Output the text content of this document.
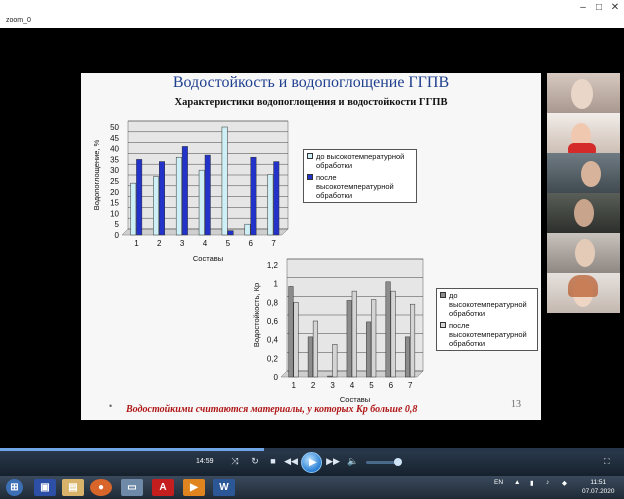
zoom_0
–	□ ✕
Водостойкость и водопоглощение ГГПВ
Характеристики водопоглощения и водостойкости ГГПВ
0
5
10
15
20
25
30
35
40
45
50
1 2 3 4 5 6 7
Составы
Водопоглощение, %	до высокотемпературной обработки
после высокотемпературной обработки
0
0,2
0,4
0,6
0,8
1
1,2
1 2 3 4 5 6 7
Составы
Водостойкость, Кр	до высокотемпературной обработки
после высокотемпературной обработки
• Водостойкими считаются материалы, у которых Кр больше 0,8	13
14:59	⤨	↻	■ ◀◀ ▶ ▶▶ 🔈	⛶
⊞	▣	▤	●	▭	A	▶	W	EN ▲ ▮ ♪ ◆	11:51
07.07.2020
